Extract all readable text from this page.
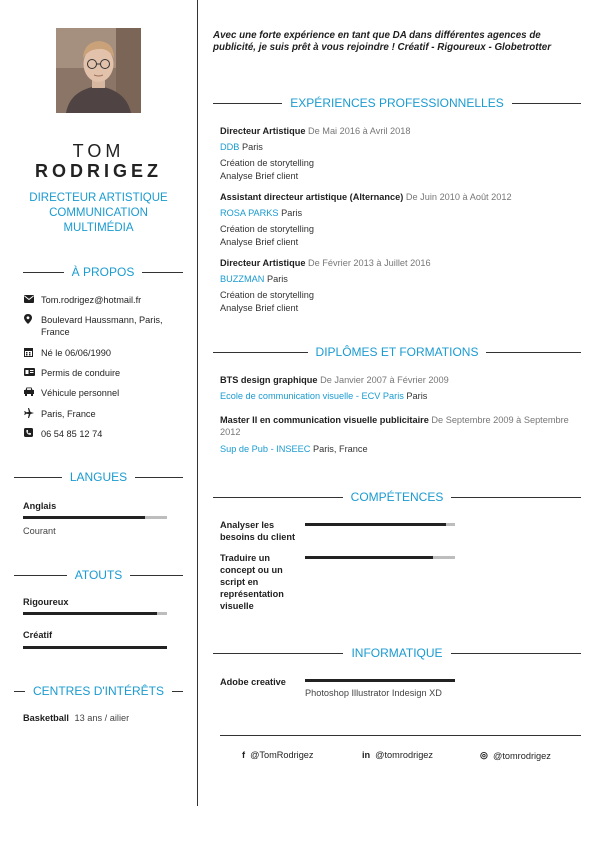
TOM
RODRIGEZ
DIRECTEUR ARTISTIQUE
COMMUNICATION
MULTIMÉDIA
À PROPOS
Tom.rodrigez@hotmail.fr
Boulevard Haussmann, Paris, France
Né le 06/06/1990
Permis de conduire
Véhicule personnel
Paris, France
06 54 85 12 74
LANGUES
Anglais
Courant
ATOUTS
Rigoureux
Créatif
CENTRES D'INTÉRÊTS
Basketball 13 ans / ailier
Avec une forte expérience en tant que DA dans différentes agences de publicité, je suis prêt à vous rejoindre ! Créatif - Rigoureux - Globetrotter
EXPÉRIENCES PROFESSIONNELLES
Directeur Artistique De Mai 2016 à Avril 2018
DDB Paris
Création de storytelling
Analyse Brief client
Assistant directeur artistique (Alternance) De Juin 2010 à Août 2012
ROSA PARKS Paris
Création de storytelling
Analyse Brief client
Directeur Artistique De Février 2013 à Juillet 2016
BUZZMAN Paris
Création de storytelling
Analyse Brief client
DIPLÔMES ET FORMATIONS
BTS design graphique De Janvier 2007 à Février 2009
Ecole de communication visuelle - ECV Paris Paris
Master II en communication visuelle publicitaire De Septembre 2009 à Septembre 2012
Sup de Pub - INSEEC Paris, France
COMPÉTENCES
Analyser les besoins du client
Traduire un concept ou un script en représentation visuelle
INFORMATIQUE
Adobe creative
Photoshop Illustrator Indesign XD
f @TomRodrigez	in @tomrodrigez	◎ @tomrodrigez
